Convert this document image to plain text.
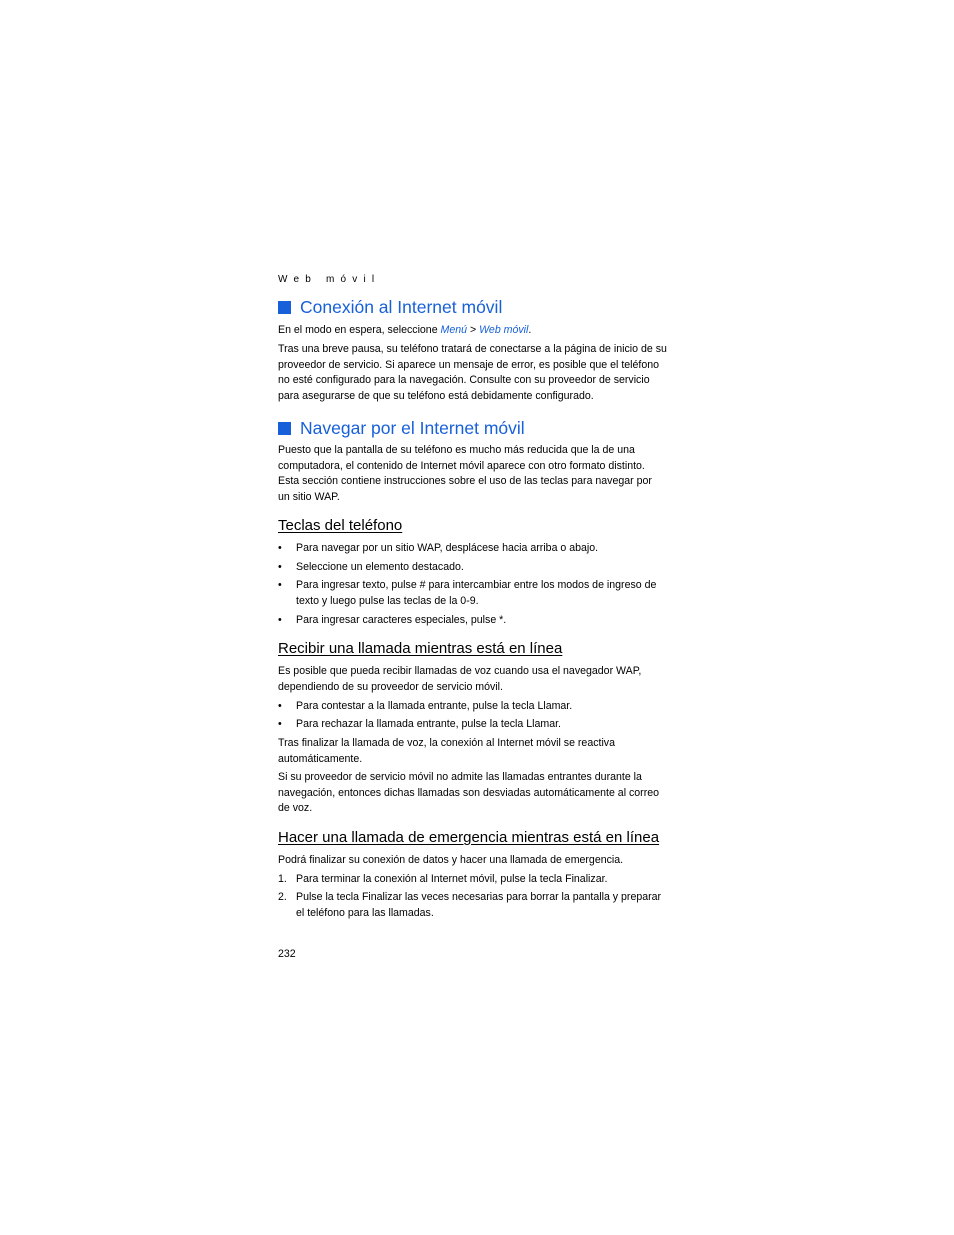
Web móvil
Conexión al Internet móvil
En el modo en espera, seleccione Menú > Web móvil.
Tras una breve pausa, su teléfono tratará de conectarse a la página de inicio de su
proveedor de servicio. Si aparece un mensaje de error, es posible que el teléfono
no esté configurado para la navegación. Consulte con su proveedor de servicio
para asegurarse de que su teléfono está debidamente configurado.
Navegar por el Internet móvil
Puesto que la pantalla de su teléfono es mucho más reducida que la de una
computadora, el contenido de Internet móvil aparece con otro formato distinto.
Esta sección contiene instrucciones sobre el uso de las teclas para navegar por
un sitio WAP.
Teclas del teléfono
• Para navegar por un sitio WAP, desplácese hacia arriba o abajo.
• Seleccione un elemento destacado.
• Para ingresar texto, pulse # para intercambiar entre los modos de ingreso de
texto y luego pulse las teclas de la 0-9.
• Para ingresar caracteres especiales, pulse *.
Recibir una llamada mientras está en línea
Es posible que pueda recibir llamadas de voz cuando usa el navegador WAP,
dependiendo de su proveedor de servicio móvil.
• Para contestar a la llamada entrante, pulse la tecla Llamar.
• Para rechazar la llamada entrante, pulse la tecla Llamar.
Tras finalizar la llamada de voz, la conexión al Internet móvil se reactiva
automáticamente.
Si su proveedor de servicio móvil no admite las llamadas entrantes durante la
navegación, entonces dichas llamadas son desviadas automáticamente al correo
de voz.
Hacer una llamada de emergencia mientras está en línea
Podrá finalizar su conexión de datos y hacer una llamada de emergencia.
1. Para terminar la conexión al Internet móvil, pulse la tecla Finalizar.
2. Pulse la tecla Finalizar las veces necesarias para borrar la pantalla y preparar
el teléfono para las llamadas.
232
